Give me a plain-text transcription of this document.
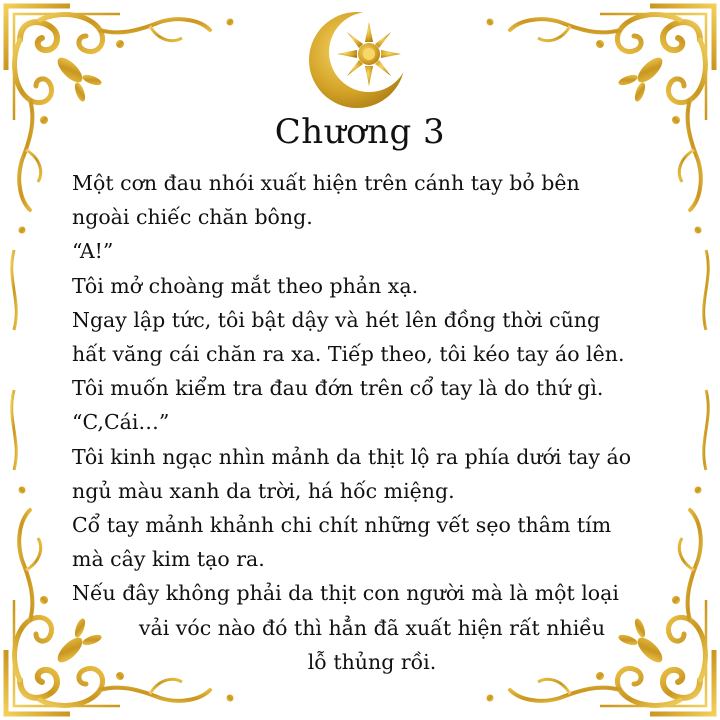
Chương 3
Một cơn đau nhói xuất hiện trên cánh tay bỏ bên
ngoài chiếc chăn bông.
“A!”
Tôi mở choàng mắt theo phản xạ.
Ngay lập tức, tôi bật dậy và hét lên đồng thời cũng
hất văng cái chăn ra xa. Tiếp theo, tôi kéo tay áo lên.
Tôi muốn kiểm tra đau đớn trên cổ tay là do thứ gì.
“C,Cái…”
Tôi kinh ngạc nhìn mảnh da thịt lộ ra phía dưới tay áo
ngủ màu xanh da trời, há hốc miệng.
Cổ tay mảnh khảnh chi chít những vết sẹo thâm tím
mà cây kim tạo ra.
Nếu đây không phải da thịt con người mà là một loại
vải vóc nào đó thì hẳn đã xuất hiện rất nhiều
lỗ thủng rồi.
